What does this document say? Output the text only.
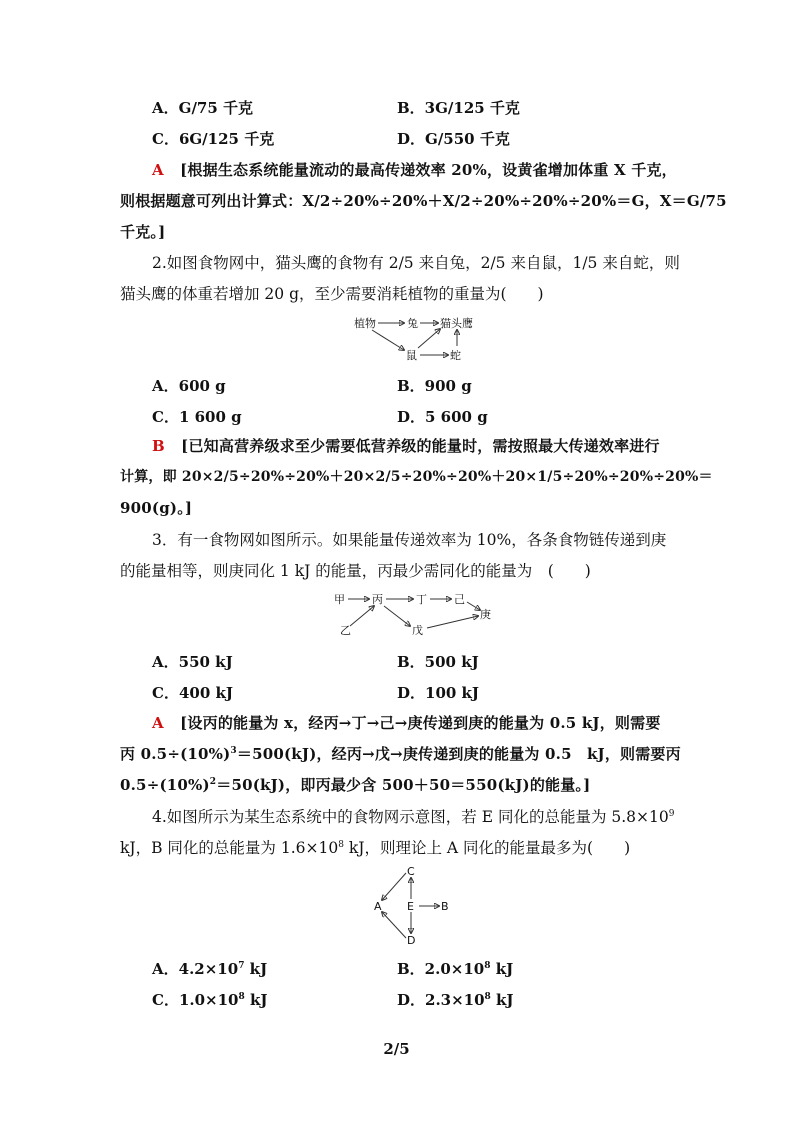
A．G/75 千克	B．3G/125 千克
C．6G/125 千克	D．G/550 千克
A [根据生态系统能量流动的最高传递效率 20%，设黄雀增加体重 X 千克，
则根据题意可列出计算式：X/2÷20%÷20%＋X/2÷20%÷20%÷20%＝G，X＝G/75
千克。]
2.如图食物网中，猫头鹰的食物有 2/5 来自兔，2/5 来自鼠，1/5 来自蛇，则
猫头鹰的体重若增加 20 g，至少需要消耗植物的重量为(　　)
植物	兔 猫头鹰
鼠	蛇
A．600 g	B．900 g
C．1 600 g	D．5 600 g
B [已知高营养级求至少需要低营养级的能量时，需按照最大传递效率进行
计算，即 20×2/5÷20%÷20%＋20×2/5÷20%÷20%＋20×1/5÷20%÷20%÷20%＝
900(g)。]
3．有一食物网如图所示。如果能量传递效率为 10%，各条食物链传递到庚
的能量相等，则庚同化 1 kJ 的能量，丙最少需同化的能量为　(　　)
甲 丙	丁 己
庚
乙	戊
A．550 kJ	B．500 kJ
C．400 kJ	D．100 kJ
A [设丙的能量为 x，经丙→丁→己→庚传递到庚的能量为 0.5 kJ，则需要
丙 $0.5\div(10\%)^3=500(kJ)$，经丙→戊→庚传递到庚的能量为 0.5　kJ，则需要丙
$0.5\div(10\%)^2=50(kJ)$，即丙最少含 500＋50＝550(kJ)的能量。]
4.如图所示为某生态系统中的食物网示意图，若 E 同化的总能量为 $5.8\times 10^9$
kJ，B 同化的总能量为 $1.6\times 10^8$ kJ，则理论上 A 同化的能量最多为(　　)
C
A E B
D
A．$4.2\times 10^7$ kJ	B．$2.0\times 10^8$ kJ
C．$1.0\times 10^8$ kJ	D．$2.3\times 10^8$ kJ
2/5
